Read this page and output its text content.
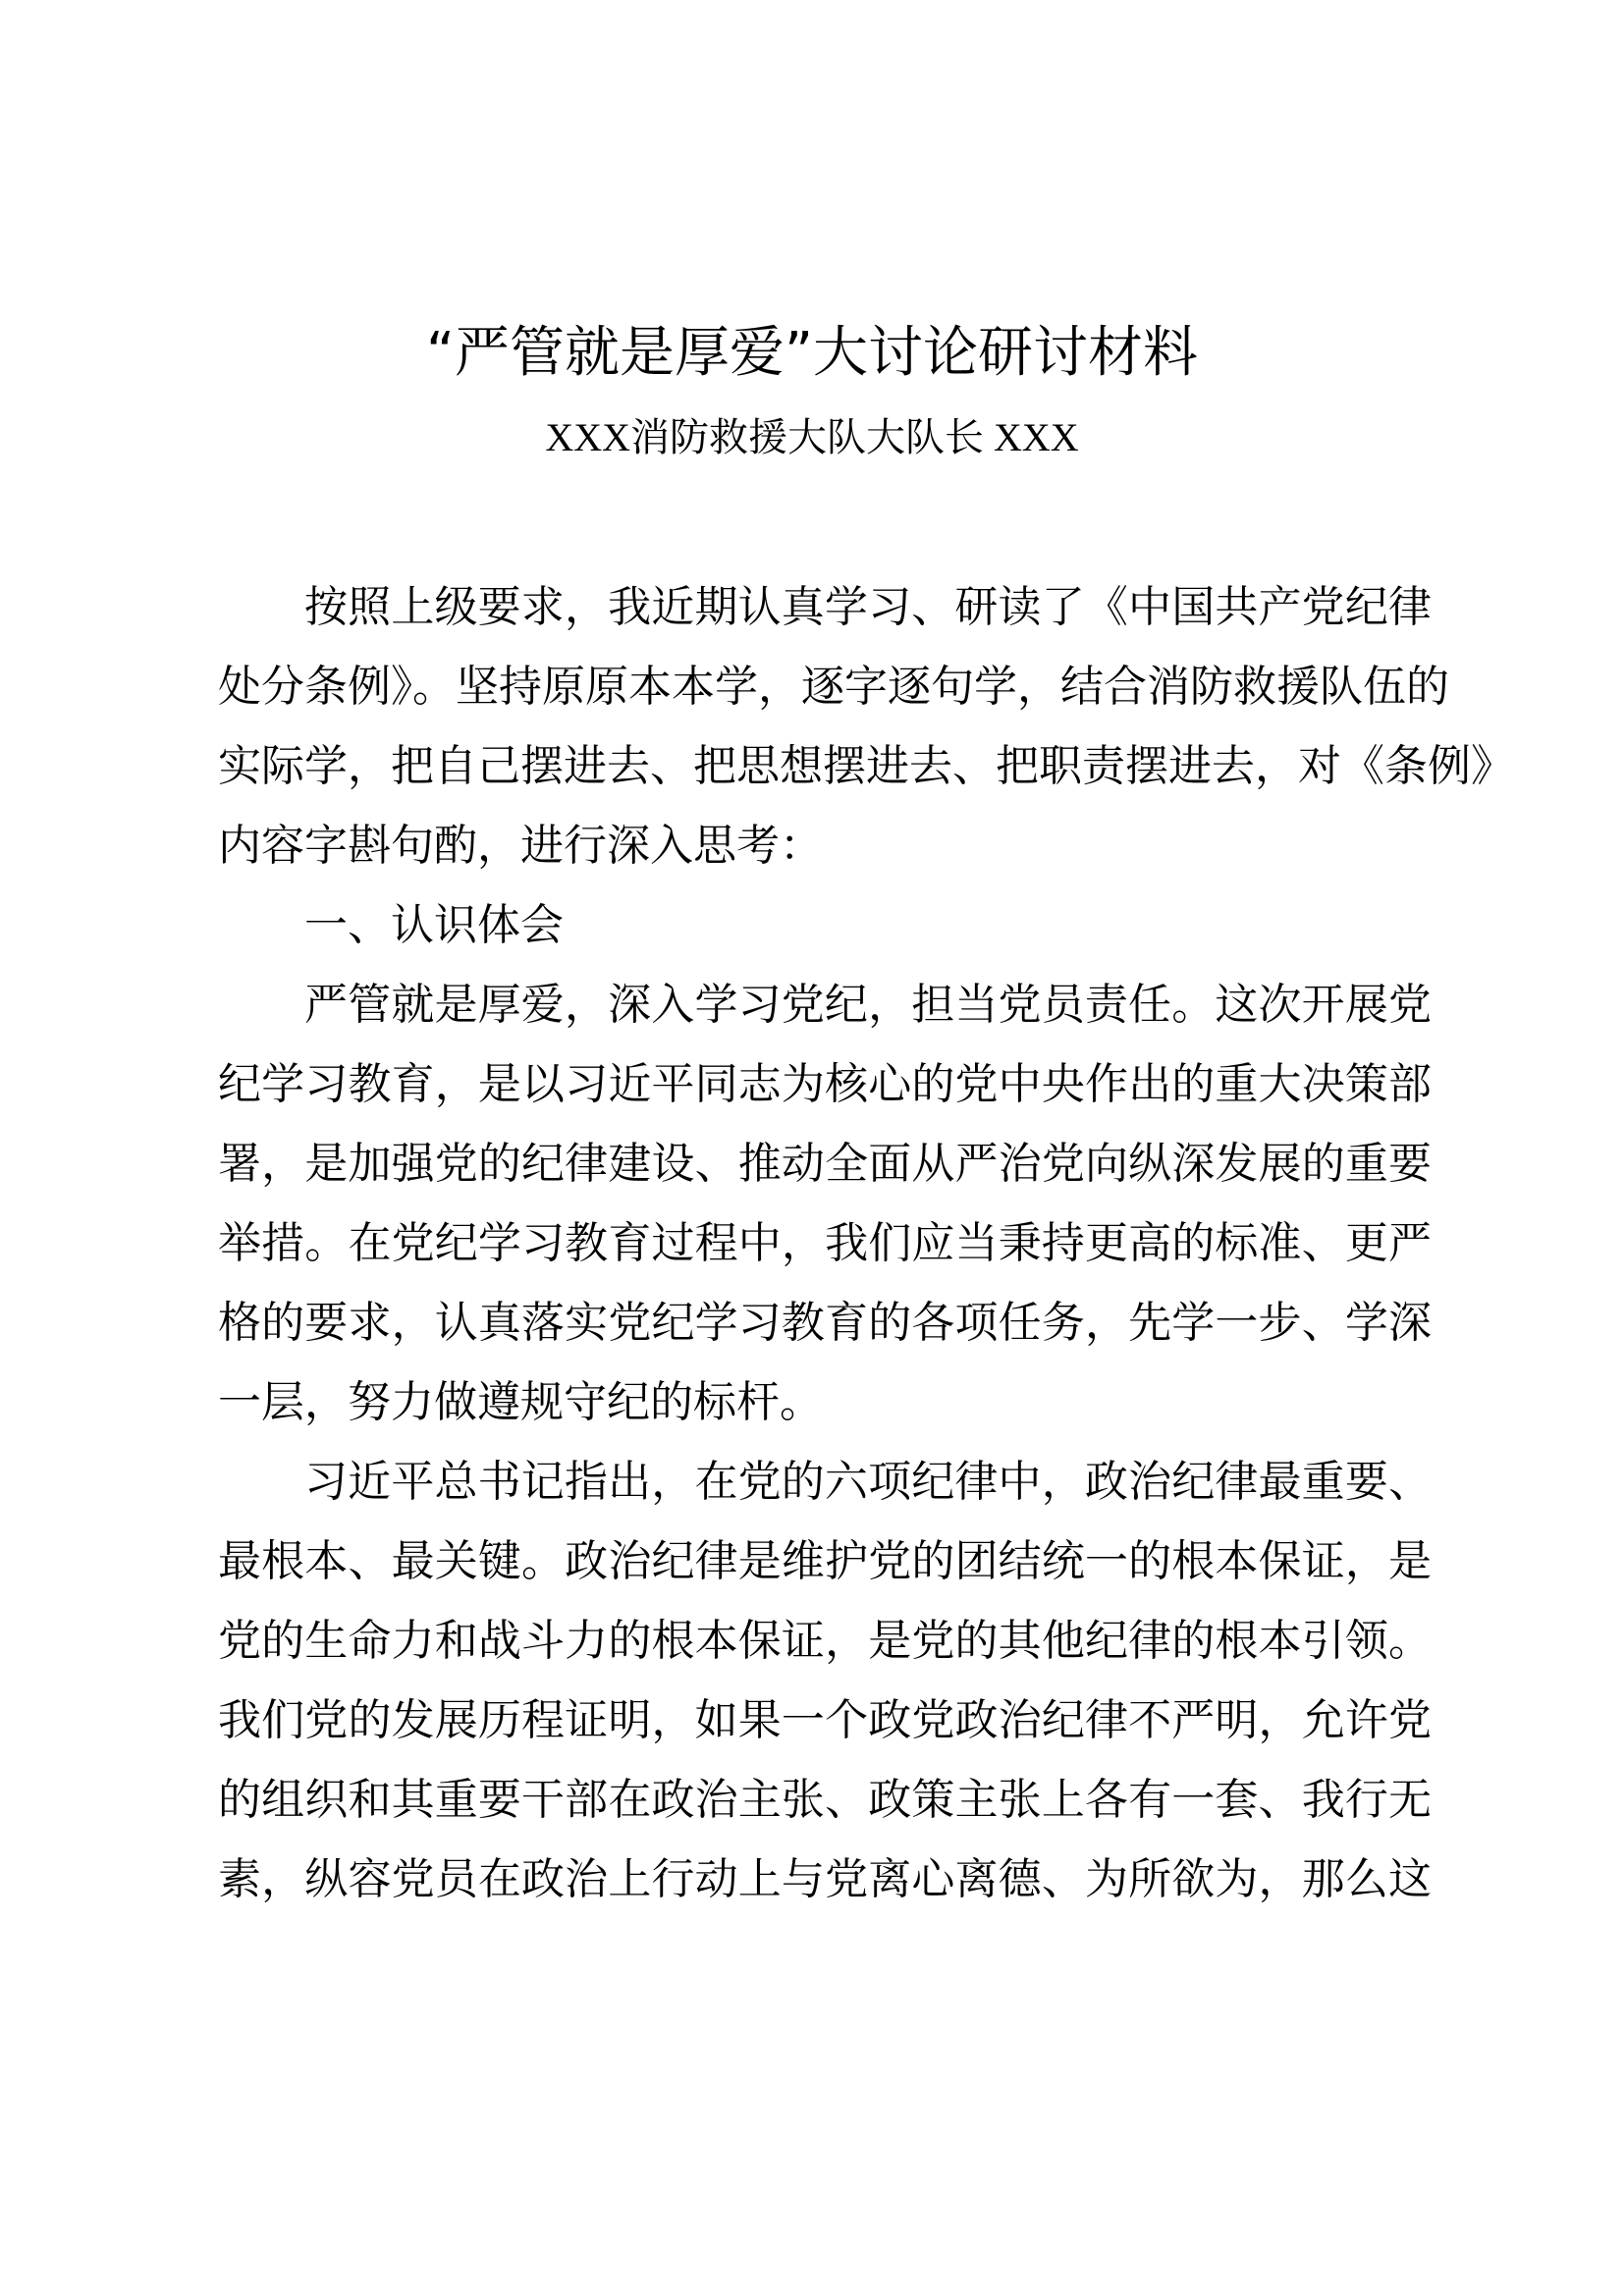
“严管就是厚爱”大讨论研讨材料
XXX消防救援大队大队长 XXX
按照上级要求，我近期认真学习、研读了《中国共产党纪律
处分条例》。坚持原原本本学，逐字逐句学，结合消防救援队伍的
实际学，把自己摆进去、把思想摆进去、把职责摆进去，对《条例》
内容字斟句酌，进行深入思考：
一、认识体会
严管就是厚爱，深入学习党纪，担当党员责任。这次开展党
纪学习教育，是以习近平同志为核心的党中央作出的重大决策部
署，是加强党的纪律建设、推动全面从严治党向纵深发展的重要
举措。在党纪学习教育过程中，我们应当秉持更高的标准、更严
格的要求，认真落实党纪学习教育的各项任务，先学一步、学深
一层，努力做遵规守纪的标杆。
习近平总书记指出，在党的六项纪律中，政治纪律最重要、
最根本、最关键。政治纪律是维护党的团结统一的根本保证，是
党的生命力和战斗力的根本保证，是党的其他纪律的根本引领。
我们党的发展历程证明，如果一个政党政治纪律不严明，允许党
的组织和其重要干部在政治主张、政策主张上各有一套、我行无
素，纵容党员在政治上行动上与党离心离德、为所欲为，那么这
